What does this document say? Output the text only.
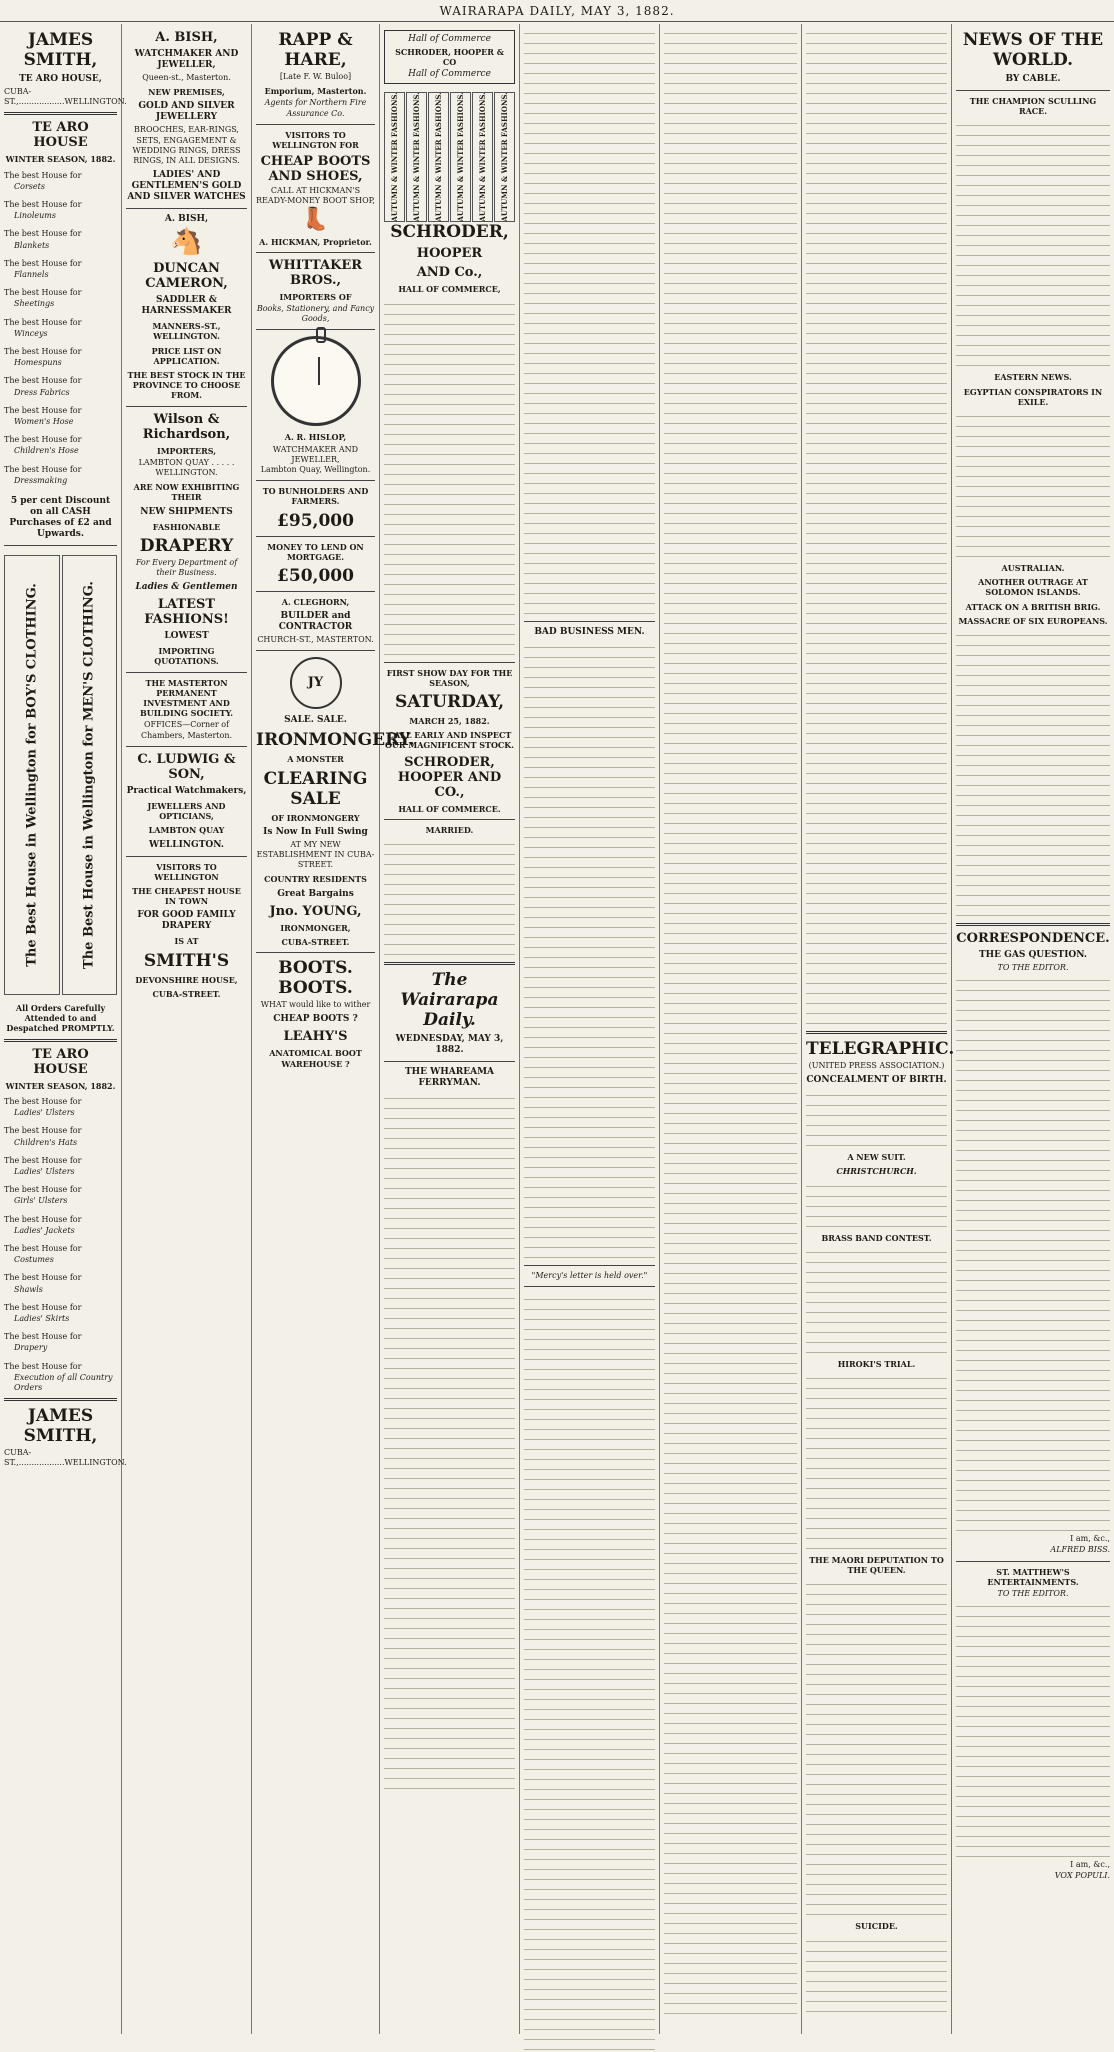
WAIRARAPA DAILY, MAY 3, 1882.
JAMES SMITH,
TE ARO HOUSE,
CUBA-ST.,..................WELLINGTON.
TE ARO HOUSE
WINTER SEASON, 1882.
The best House for
Corsets
The best House for
Linoleums
The best House for
Blankets
The best House for
Flannels
The best House for
Sheetings
The best House for
Winceys
The best House for
Homespuns
The best House for
Dress Fabrics
The best House for
Women's Hose
The best House for
Children's Hose
The best House for
Dressmaking
5 per cent Discount on all CASH Purchases of £2 and Upwards.
The Best House in Wellington for BOY'S CLOTHING.	The Best House in Wellington for MEN'S CLOTHING.
All Orders Carefully Attended to and Despatched PROMPTLY.
TE ARO HOUSE
WINTER SEASON, 1882.
The best House for
Ladies' Ulsters
The best House for
Children's Hats
The best House for
Ladies' Ulsters
The best House for
Girls' Ulsters
The best House for
Ladies' Jackets
The best House for
Costumes
The best House for
Shawls
The best House for
Ladies' Skirts
The best House for
Drapery
The best House for
Execution of all Country Orders
JAMES SMITH,
CUBA-ST.,..................WELLINGTON.
A. BISH,
WATCHMAKER AND JEWELLER,
Queen-st., Masterton.
NEW PREMISES,
GOLD AND SILVER JEWELLERY
BROOCHES, EAR-RINGS, SETS, ENGAGEMENT & WEDDING RINGS, DRESS RINGS, IN ALL DESIGNS.
LADIES' AND GENTLEMEN'S GOLD AND SILVER WATCHES
A. BISH,
🐴
DUNCAN CAMERON,
SADDLER & HARNESSMAKER
MANNERS-ST., WELLINGTON.
PRICE LIST ON APPLICATION.
THE BEST STOCK IN THE PROVINCE TO CHOOSE FROM.
Wilson & Richardson,
IMPORTERS,
LAMBTON QUAY . . . . . WELLINGTON.
ARE NOW EXHIBITING THEIR
NEW SHIPMENTS
FASHIONABLE
DRAPERY
For Every Department of their Business.
Ladies & Gentlemen
LATEST FASHIONS!
LOWEST
IMPORTING QUOTATIONS.
THE MASTERTON PERMANENT INVESTMENT AND BUILDING SOCIETY.
OFFICES—Corner of Chambers, Masterton.
C. LUDWIG & SON,
Practical Watchmakers,
JEWELLERS AND OPTICIANS,
LAMBTON QUAY
WELLINGTON.
VISITORS TO WELLINGTON
THE CHEAPEST HOUSE IN TOWN
FOR GOOD FAMILY DRAPERY
IS AT
SMITH'S
DEVONSHIRE HOUSE,
CUBA-STREET.
RAPP & HARE,
[Late F. W. Buloo]
Emporium, Masterton.
Agents for Northern Fire Assurance Co.
VISITORS TO WELLINGTON FOR
CHEAP BOOTS AND SHOES,
CALL AT HICKMAN'S READY-MONEY BOOT SHOP,
👢
A. HICKMAN, Proprietor.
WHITTAKER BROS.,
IMPORTERS OF
Books, Stationery, and Fancy Goods,
A. R. HISLOP,
WATCHMAKER AND JEWELLER,
Lambton Quay, Wellington.
TO BUNHOLDERS AND FARMERS.
£95,000
MONEY TO LEND ON MORTGAGE.
£50,000
A. CLEGHORN,
BUILDER and CONTRACTOR
CHURCH-ST., MASTERTON.
JY
SALE. SALE.
IRONMONGERY.
A MONSTER
CLEARING SALE
OF IRONMONGERY
Is Now In Full Swing
AT MY NEW ESTABLISHMENT IN CUBA-STREET.
COUNTRY RESIDENTS
Great Bargains
Jno. YOUNG,
IRONMONGER,
CUBA-STREET.
BOOTS. BOOTS.
WHAT would like to wither
CHEAP BOOTS ?
LEAHY'S
ANATOMICAL BOOT WAREHOUSE ?
Hall of Commerce
SCHRODER, HOOPER & CO
Hall of Commerce
AUTUMN & WINTER FASHIONS. AUTUMN & WINTER FASHIONS. AUTUMN & WINTER FASHIONS. AUTUMN & WINTER FASHIONS. AUTUMN & WINTER FASHIONS. AUTUMN & WINTER FASHIONS.
SCHRODER,
HOOPER
AND Co.,
HALL OF COMMERCE,
FIRST SHOW DAY FOR THE SEASON,
SATURDAY,
MARCH 25, 1882.
CALL EARLY AND INSPECT OUR MAGNIFICENT STOCK.
SCHRODER, HOOPER AND CO.,
HALL OF COMMERCE.
MARRIED.
The Wairarapa Daily.
WEDNESDAY, MAY 3, 1882.
THE WHAREAMA FERRYMAN.
BAD BUSINESS MEN.
"Mercy's letter is held over."
TELEGRAPHIC.
(UNITED PRESS ASSOCIATION.)
CONCEALMENT OF BIRTH.
A NEW SUIT.
CHRISTCHURCH.
BRASS BAND CONTEST.
HIROKI'S TRIAL.
THE MAORI DEPUTATION TO THE QUEEN.
SUICIDE.
NEWS OF THE WORLD.
BY CABLE.
THE CHAMPION SCULLING RACE.
EASTERN NEWS.
EGYPTIAN CONSPIRATORS IN EXILE.
AUSTRALIAN.
ANOTHER OUTRAGE AT SOLOMON ISLANDS.
ATTACK ON A BRITISH BRIG.
MASSACRE OF SIX EUROPEANS.
CORRESPONDENCE.
THE GAS QUESTION.
TO THE EDITOR.
I am, &c.,
ALFRED BISS.
ST. MATTHEW'S ENTERTAINMENTS.
TO THE EDITOR.
I am, &c.,
VOX POPULI.
